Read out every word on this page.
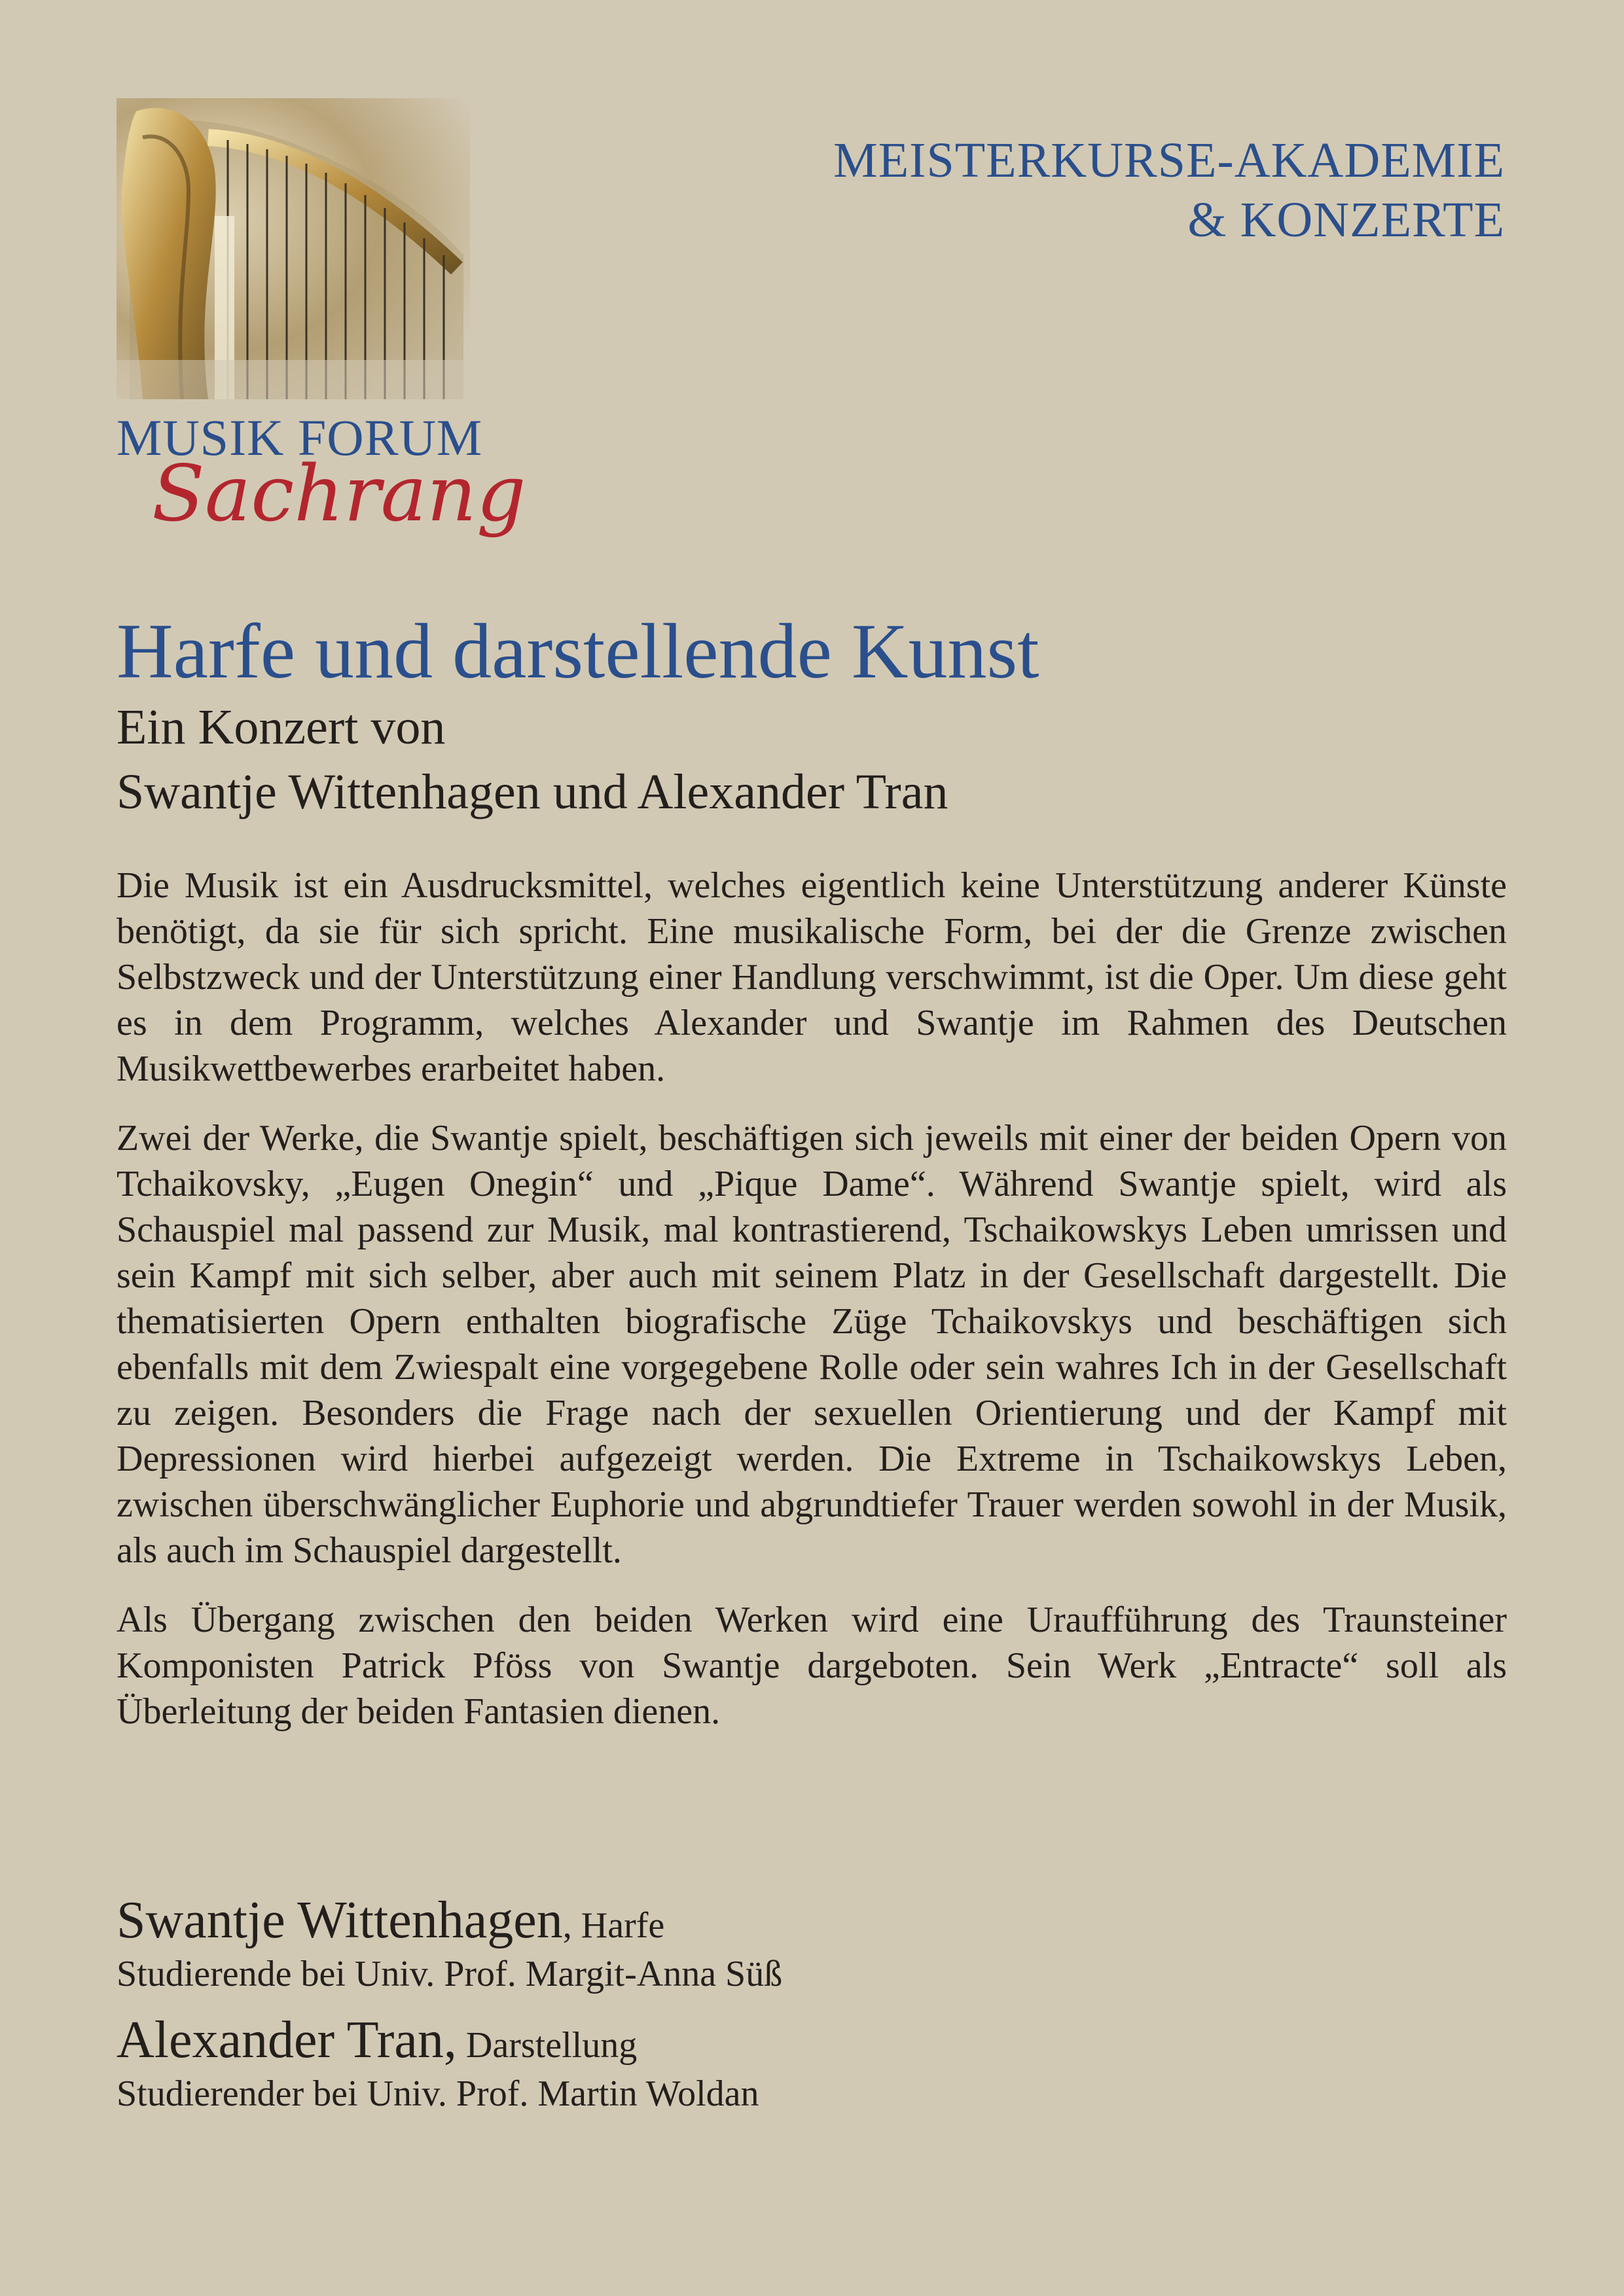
MUSIK FORUM
Sachrang
MEISTERKURSE-AKADEMIE
& KONZERTE
Harfe und darstellende Kunst
Ein Konzert von
Swantje Wittenhagen und Alexander Tran

Die Musik ist ein Ausdrucksmittel, welches eigentlich keine Unterstützung anderer Künste benötigt, da sie für sich spricht. Eine musikalische Form, bei der die Grenze zwischen Selbstzweck und der Unterstützung einer Handlung verschwimmt, ist die Oper. Um diese geht es in dem Programm, welches Alexander und Swantje im Rahmen des Deutschen Musikwettbewerbes erarbeitet haben.

Zwei der Werke, die Swantje spielt, beschäftigen sich jeweils mit einer der beiden Opern von Tchaikovsky, „Eugen Onegin“ und „Pique Dame“. Während Swantje spielt, wird als Schauspiel mal passend zur Musik, mal kontrastierend, Tschaikowskys Leben umrissen und sein Kampf mit sich selber, aber auch mit seinem Platz in der Gesellschaft dargestellt. Die thematisierten Opern enthalten biografische Züge Tchaikovskys und beschäftigen sich ebenfalls mit dem Zwiespalt eine vorgegebene Rolle oder sein wahres Ich in der Gesellschaft zu zeigen. Besonders die Frage nach der sexuellen Orientierung und der Kampf mit Depressionen wird hierbei aufgezeigt werden. Die Extreme in Tschaikowskys Leben, zwischen überschwänglicher Euphorie und abgrundtiefer Trauer werden sowohl in der Musik, als auch im Schauspiel dargestellt.

Als Übergang zwischen den beiden Werken wird eine Uraufführung des Traunsteiner Komponisten Patrick Pföss von Swantje dargeboten. Sein Werk „Entracte“ soll als Überleitung der beiden Fantasien dienen.

Swantje Wittenhagen, Harfe
Studierende bei Univ. Prof. Margit-Anna Süß
Alexander Tran, Darstellung
Studierender bei Univ. Prof. Martin Woldan
